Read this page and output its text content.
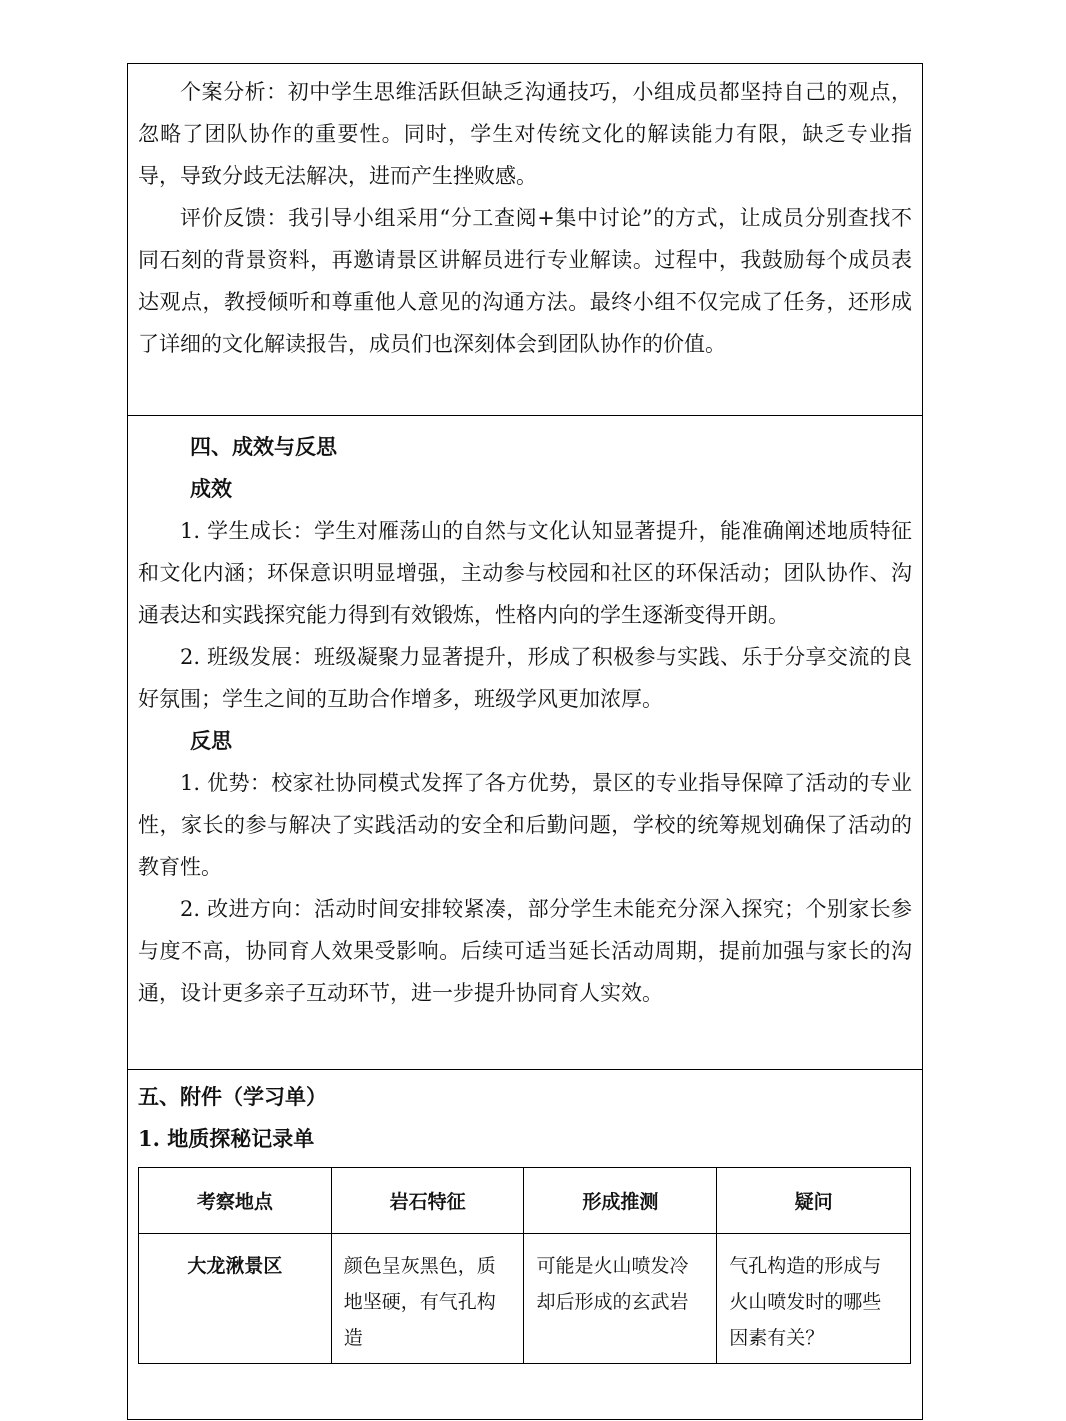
个案分析：初中学生思维活跃但缺乏沟通技巧，小组成员都坚持自己的观点，忽略了团队协作的重要性。同时，学生对传统文化的解读能力有限，缺乏专业指导，导致分歧无法解决，进而产生挫败感。

评价反馈：我引导小组采用“分工查阅+集中讨论”的方式，让成员分别查找不同石刻的背景资料，再邀请景区讲解员进行专业解读。过程中，我鼓励每个成员表达观点，教授倾听和尊重他人意见的沟通方法。最终小组不仅完成了任务，还形成了详细的文化解读报告，成员们也深刻体会到团队协作的价值。

四、成效与反思

成效

1. 学生成长：学生对雁荡山的自然与文化认知显著提升，能准确阐述地质特征和文化内涵；环保意识明显增强，主动参与校园和社区的环保活动；团队协作、沟通表达和实践探究能力得到有效锻炼，性格内向的学生逐渐变得开朗。

2. 班级发展：班级凝聚力显著提升，形成了积极参与实践、乐于分享交流的良好氛围；学生之间的互助合作增多，班级学风更加浓厚。

反思

1. 优势：校家社协同模式发挥了各方优势，景区的专业指导保障了活动的专业性，家长的参与解决了实践活动的安全和后勤问题，学校的统筹规划确保了活动的教育性。

2. 改进方向：活动时间安排较紧凑，部分学生未能充分深入探究；个别家长参与度不高，协同育人效果受影响。后续可适当延长活动周期，提前加强与家长的沟通，设计更多亲子互动环节，进一步提升协同育人实效。

五、附件（学习单）

1. 地质探秘记录单

考察地点	岩石特征	形成推测	疑问
大龙湫景区	颜色呈灰黑色，质地坚硬，有气孔构造	可能是火山喷发冷却后形成的玄武岩	气孔构造的形成与火山喷发时的哪些因素有关？
